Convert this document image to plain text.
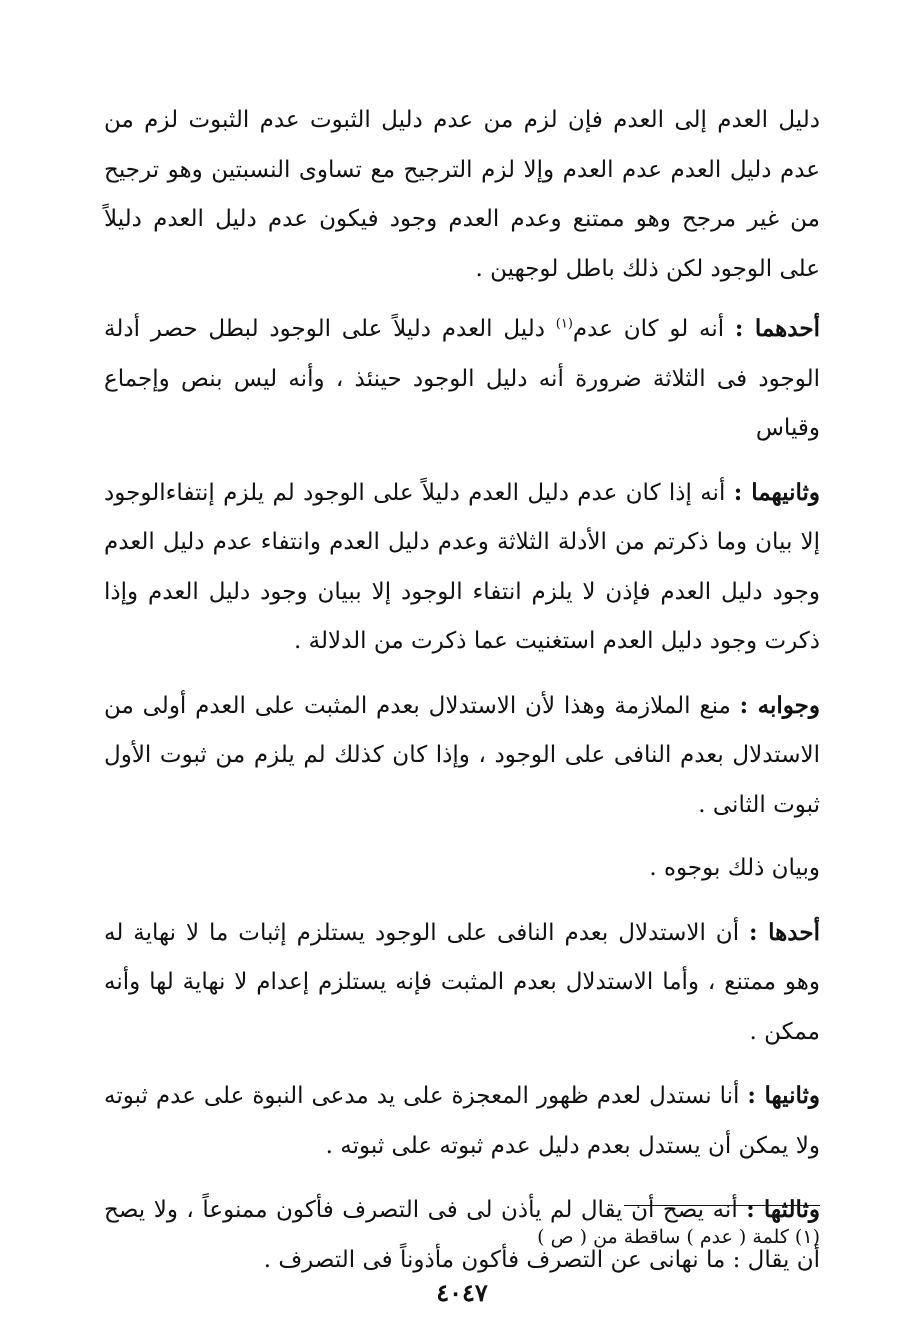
دليل العدم إلى العدم فإن لزم من عدم دليل الثبوت عدم الثبوت لزم من عدم دليل العدم عدم العدم وإلا لزم الترجيح مع تساوى النسبتين وهو ترجيح من غير مرجح وهو ممتنع وعدم العدم وجود فيكون عدم دليل العدم دليلاً على الوجود لكن ذلك باطل لوجهين .

أحدهما : أنه لو كان عدم$^{(١)}$ دليل العدم دليلاً على الوجود لبطل حصر أدلة الوجود فى الثلاثة ضرورة أنه دليل الوجود حينئذ ، وأنه ليس بنص وإجماع وقياس

وثانيهما : أنه إذا كان عدم دليل العدم دليلاً على الوجود لم يلزم إنتفاءالوجود إلا بيان وما ذكرتم من الأدلة الثلاثة وعدم دليل العدم وانتفاء عدم دليل العدم وجود دليل العدم فإذن لا يلزم انتفاء الوجود إلا ببيان وجود دليل العدم وإذا ذكرت وجود دليل العدم استغنيت عما ذكرت من الدلالة .

وجوابه : منع الملازمة وهذا لأن الاستدلال بعدم المثبت على العدم أولى من الاستدلال بعدم النافى على الوجود ، وإذا كان كذلك لم يلزم من ثبوت الأول ثبوت الثانى .

وبيان ذلك بوجوه .

أحدها : أن الاستدلال بعدم النافى على الوجود يستلزم إثبات ما لا نهاية له وهو ممتنع ، وأما الاستدلال بعدم المثبت فإنه يستلزم إعدام لا نهاية لها وأنه ممكن .

وثانيها : أنا نستدل لعدم ظهور المعجزة على يد مدعى النبوة على عدم ثبوته ولا يمكن أن يستدل بعدم دليل عدم ثبوته على ثبوته .

وثالثها : أنه يصح أن يقال لم يأذن لى فى التصرف فأكون ممنوعاً ، ولا يصح أن يقال : ما نهانى عن التصرف فأكون مأذوناً فى التصرف .

(١) كلمة ( عدم ) ساقطة من ( ص )
٤٠٤٧
